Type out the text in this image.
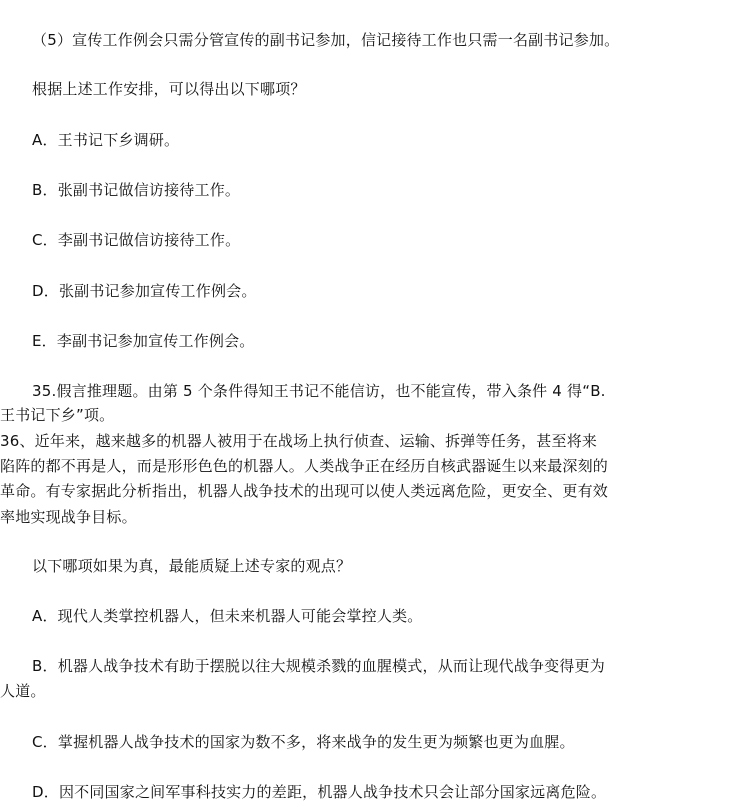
（5）宣传工作例会只需分管宣传的副书记参加，信记接待工作也只需一名副书记参加。
根据上述工作安排，可以得出以下哪项？
A．王书记下乡调研。
B．张副书记做信访接待工作。
C．李副书记做信访接待工作。
D．张副书记参加宣传工作例会。
E．李副书记参加宣传工作例会。
35.假言推理题。由第 5 个条件得知王书记不能信访，也不能宣传，带入条件 4 得“B.
王书记下乡”项。
36、近年来，越来越多的机器人被用于在战场上执行侦查、运输、拆弹等任务，甚至将来
陷阵的都不再是人，而是形形色色的机器人。人类战争正在经历自核武器诞生以来最深刻的
革命。有专家据此分析指出，机器人战争技术的出现可以使人类远离危险，更安全、更有效
率地实现战争目标。
以下哪项如果为真，最能质疑上述专家的观点？
A．现代人类掌控机器人，但未来机器人可能会掌控人类。
B．机器人战争技术有助于摆脱以往大规模杀戮的血腥模式，从而让现代战争变得更为
人道。
C．掌握机器人战争技术的国家为数不多，将来战争的发生更为频繁也更为血腥。
D．因不同国家之间军事科技实力的差距，机器人战争技术只会让部分国家远离危险。
